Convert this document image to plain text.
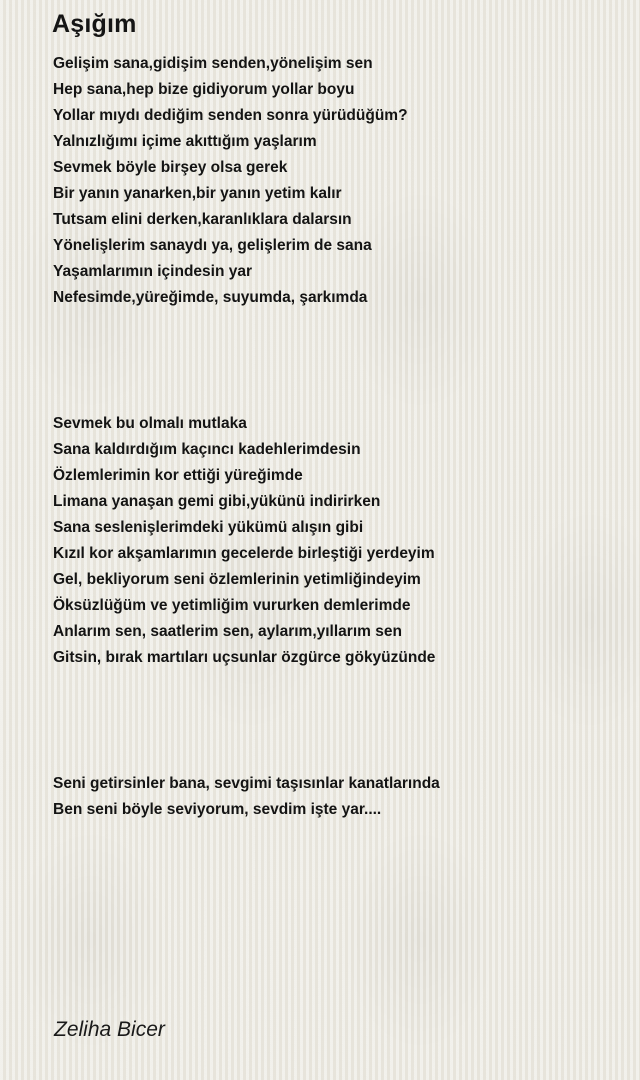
Aşığım
Gelişim sana,gidişim senden,yönelişim sen
Hep sana,hep bize gidiyorum yollar boyu
Yollar mıydı dediğim senden sonra yürüdüğüm?
Yalnızlığımı içime akıttığım yaşlarım
Sevmek böyle birşey olsa gerek
Bir yanın yanarken,bir yanın yetim kalır
Tutsam elini derken,karanlıklara dalarsın
Yönelişlerim sanaydı ya, gelişlerim de sana
Yaşamlarımın içindesin yar
Nefesimde,yüreğimde, suyumda, şarkımda
Sevmek bu olmalı mutlaka
Sana kaldırdığım kaçıncı kadehlerimdesin
Özlemlerimin kor ettiği yüreğimde
Limana yanaşan gemi gibi,yükünü indirirken
Sana seslenişlerimdeki yükümü alışın gibi
Kızıl kor akşamlarımın gecelerde birleştiği yerdeyim
Gel, bekliyorum seni özlemlerinin yetimliğindeyim
Öksüzlüğüm ve yetimliğim vururken demlerimde
Anlarım sen, saatlerim sen, aylarım,yıllarım sen
Gitsin, bırak martıları uçsunlar özgürce gökyüzünde
Seni getirsinler bana, sevgimi taşısınlar kanatlarında
Ben seni böyle seviyorum, sevdim işte yar....

Zeliha Bicer
